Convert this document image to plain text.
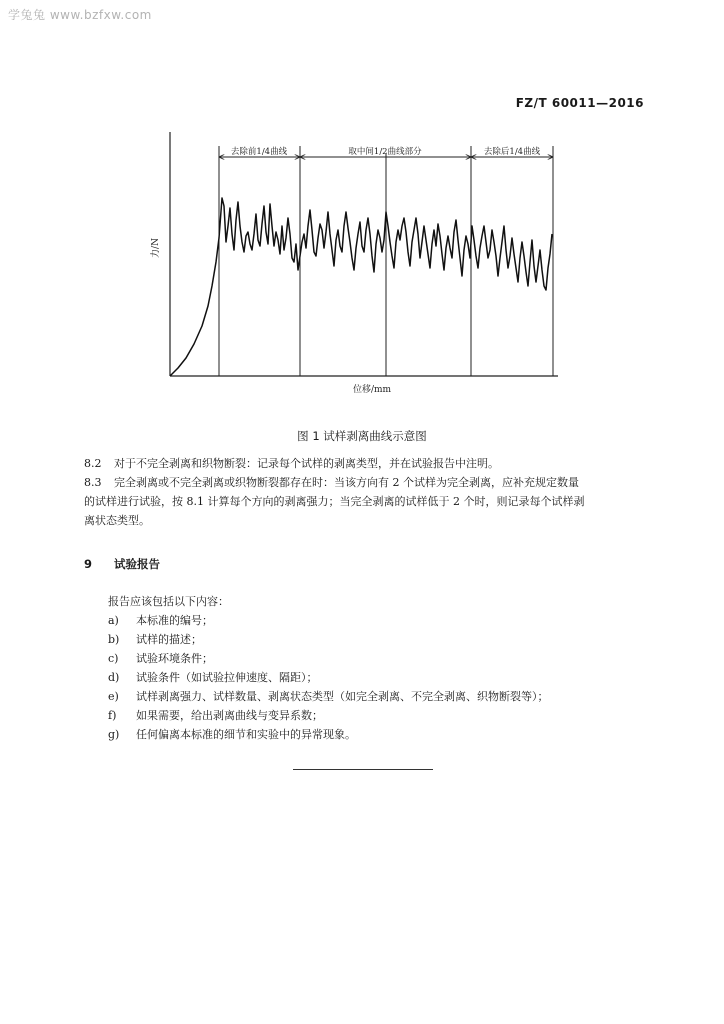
学兔兔 www.bzfxw.com
FZ/T 60011—2016
去除前1/4曲线	取中间1/2曲线部分	去除后1/4曲线
力/N
位移/mm
图 1 试样剥离曲线示意图
8.2 对于不完全剥离和织物断裂：记录每个试样的剥离类型，并在试验报告中注明。
8.3 完全剥离或不完全剥离或织物断裂都存在时：当该方向有 2 个试样为完全剥离，应补充规定数量
的试样进行试验，按 8.1 计算每个方向的剥离强力；当完全剥离的试样低于 2 个时，则记录每个试样剥
离状态类型。
9 试验报告
报告应该包括以下内容：
a) 本标准的编号；
b) 试样的描述；
c) 试验环境条件；
d) 试验条件（如试验拉伸速度、隔距）；
e) 试样剥离强力、试样数量、剥离状态类型（如完全剥离、不完全剥离、织物断裂等）；
f) 如果需要，给出剥离曲线与变异系数；
g) 任何偏离本标准的细节和实验中的异常现象。
